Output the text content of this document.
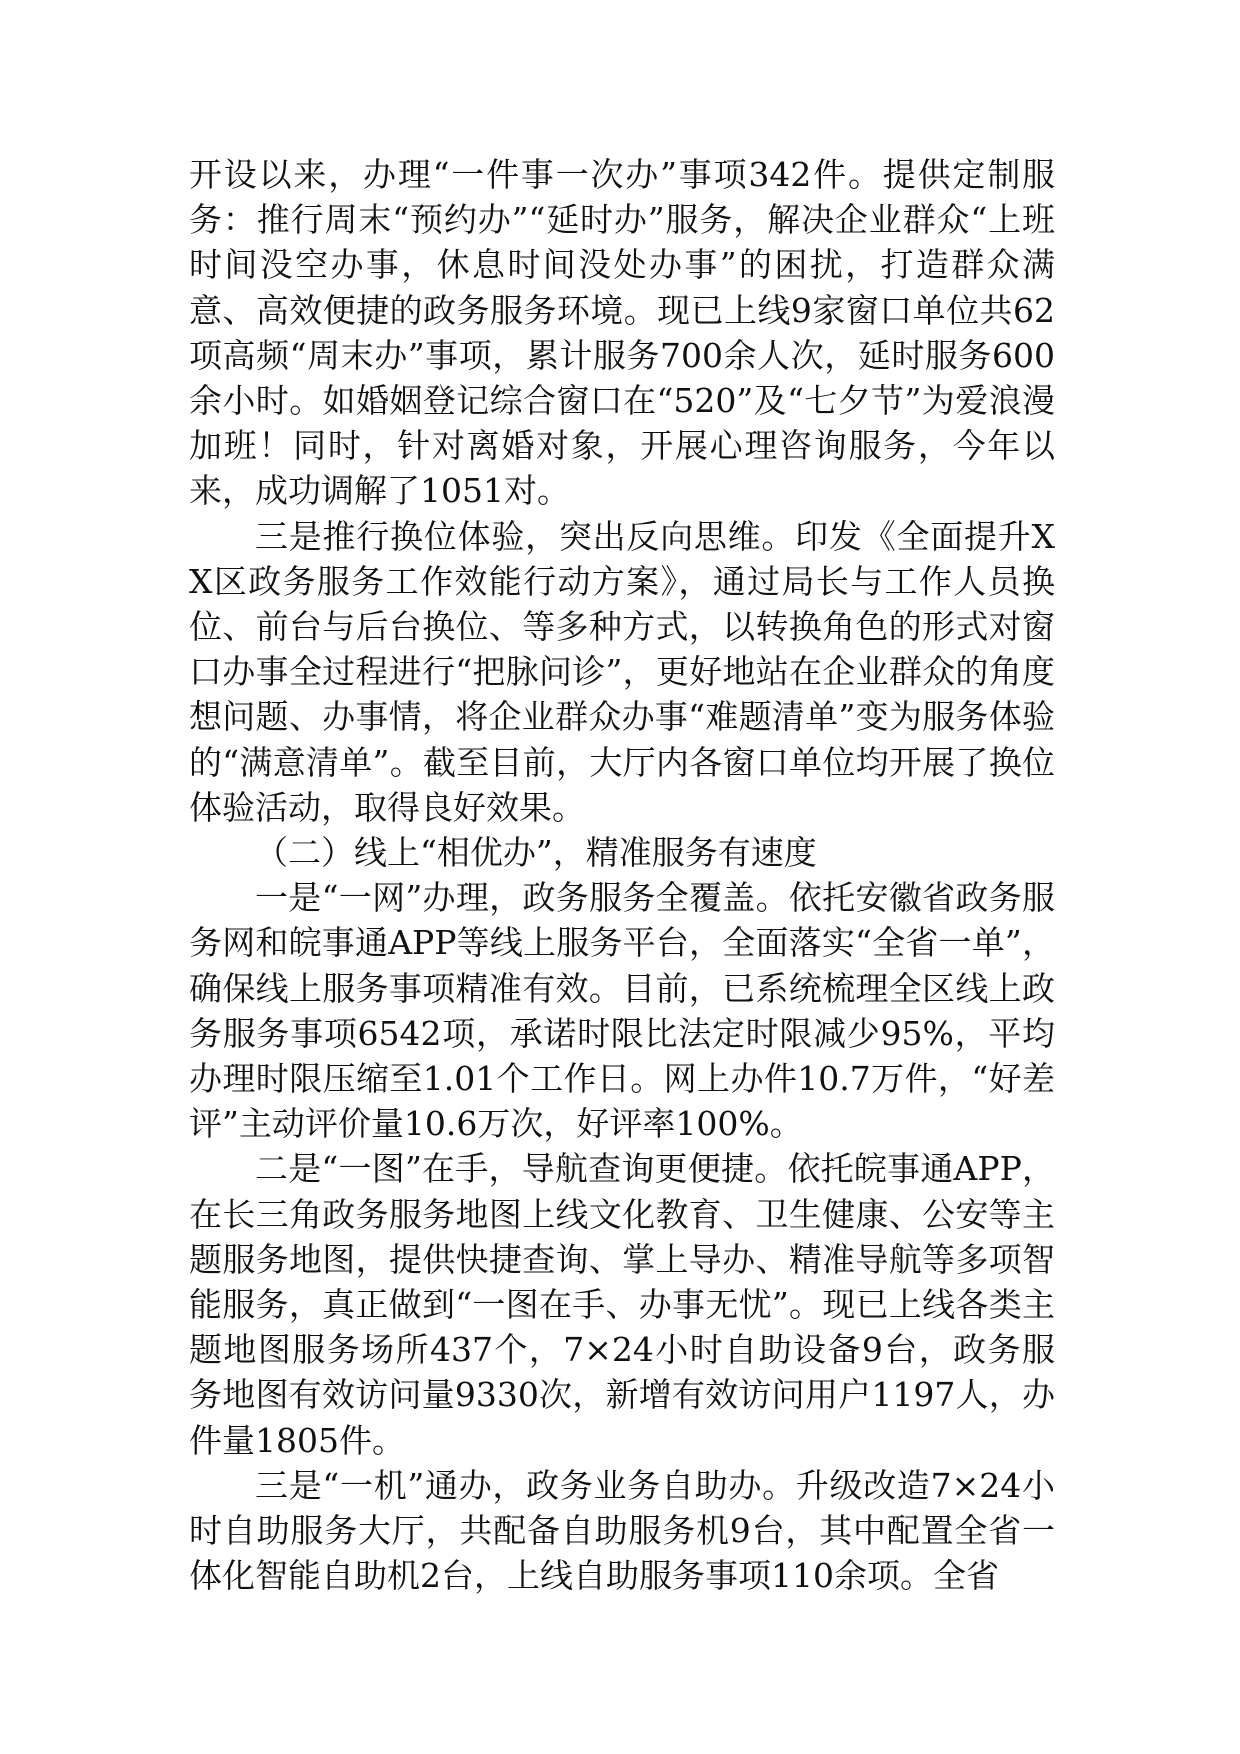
开设以来，办理“一件事一次办”事项342件。提供定制服务：推行周末“预约办”“延时办”服务，解决企业群众“上班时间没空办事，休息时间没处办事”的困扰，打造群众满意、高效便捷的政务服务环境。现已上线9家窗口单位共62项高频“周末办”事项，累计服务700余人次，延时服务600余小时。如婚姻登记综合窗口在“520”及“七夕节”为爱浪漫加班！同时，针对离婚对象，开展心理咨询服务，今年以来，成功调解了1051对。

三是推行换位体验，突出反向思维。印发《全面提升XX区政务服务工作效能行动方案》，通过局长与工作人员换位、前台与后台换位、等多种方式，以转换角色的形式对窗口办事全过程进行“把脉问诊”，更好地站在企业群众的角度想问题、办事情，将企业群众办事“难题清单”变为服务体验的“满意清单”。截至目前，大厅内各窗口单位均开展了换位体验活动，取得良好效果。

（二）线上“相优办”，精准服务有速度

一是“一网”办理，政务服务全覆盖。依托安徽省政务服务网和皖事通APP等线上服务平台，全面落实“全省一单”，确保线上服务事项精准有效。目前，已系统梳理全区线上政务服务事项6542项，承诺时限比法定时限减少95%，平均办理时限压缩至1.01个工作日。网上办件10.7万件，“好差评”主动评价量10.6万次，好评率100%。

二是“一图”在手，导航查询更便捷。依托皖事通APP，在长三角政务服务地图上线文化教育、卫生健康、公安等主题服务地图，提供快捷查询、掌上导办、精准导航等多项智能服务，真正做到“一图在手、办事无忧”。现已上线各类主题地图服务场所437个，7×24小时自助设备9台，政务服务地图有效访问量9330次，新增有效访问用户1197人，办件量1805件。

三是“一机”通办，政务业务自助办。升级改造7×24小时自助服务大厅，共配备自助服务机9台，其中配置全省一体化智能自助机2台，上线自助服务事项110余项。全省
